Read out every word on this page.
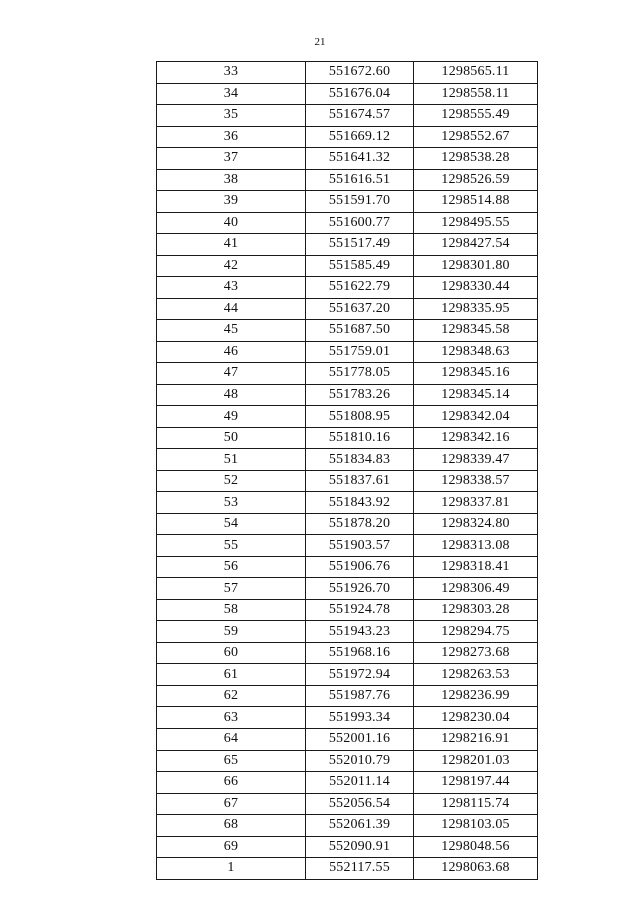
21
33	551672.60	1298565.11
34	551676.04	1298558.11
35	551674.57	1298555.49
36	551669.12	1298552.67
37	551641.32	1298538.28
38	551616.51	1298526.59
39	551591.70	1298514.88
40	551600.77	1298495.55
41	551517.49	1298427.54
42	551585.49	1298301.80
43	551622.79	1298330.44
44	551637.20	1298335.95
45	551687.50	1298345.58
46	551759.01	1298348.63
47	551778.05	1298345.16
48	551783.26	1298345.14
49	551808.95	1298342.04
50	551810.16	1298342.16
51	551834.83	1298339.47
52	551837.61	1298338.57
53	551843.92	1298337.81
54	551878.20	1298324.80
55	551903.57	1298313.08
56	551906.76	1298318.41
57	551926.70	1298306.49
58	551924.78	1298303.28
59	551943.23	1298294.75
60	551968.16	1298273.68
61	551972.94	1298263.53
62	551987.76	1298236.99
63	551993.34	1298230.04
64	552001.16	1298216.91
65	552010.79	1298201.03
66	552011.14	1298197.44
67	552056.54	1298115.74
68	552061.39	1298103.05
69	552090.91	1298048.56
1	552117.55	1298063.68
